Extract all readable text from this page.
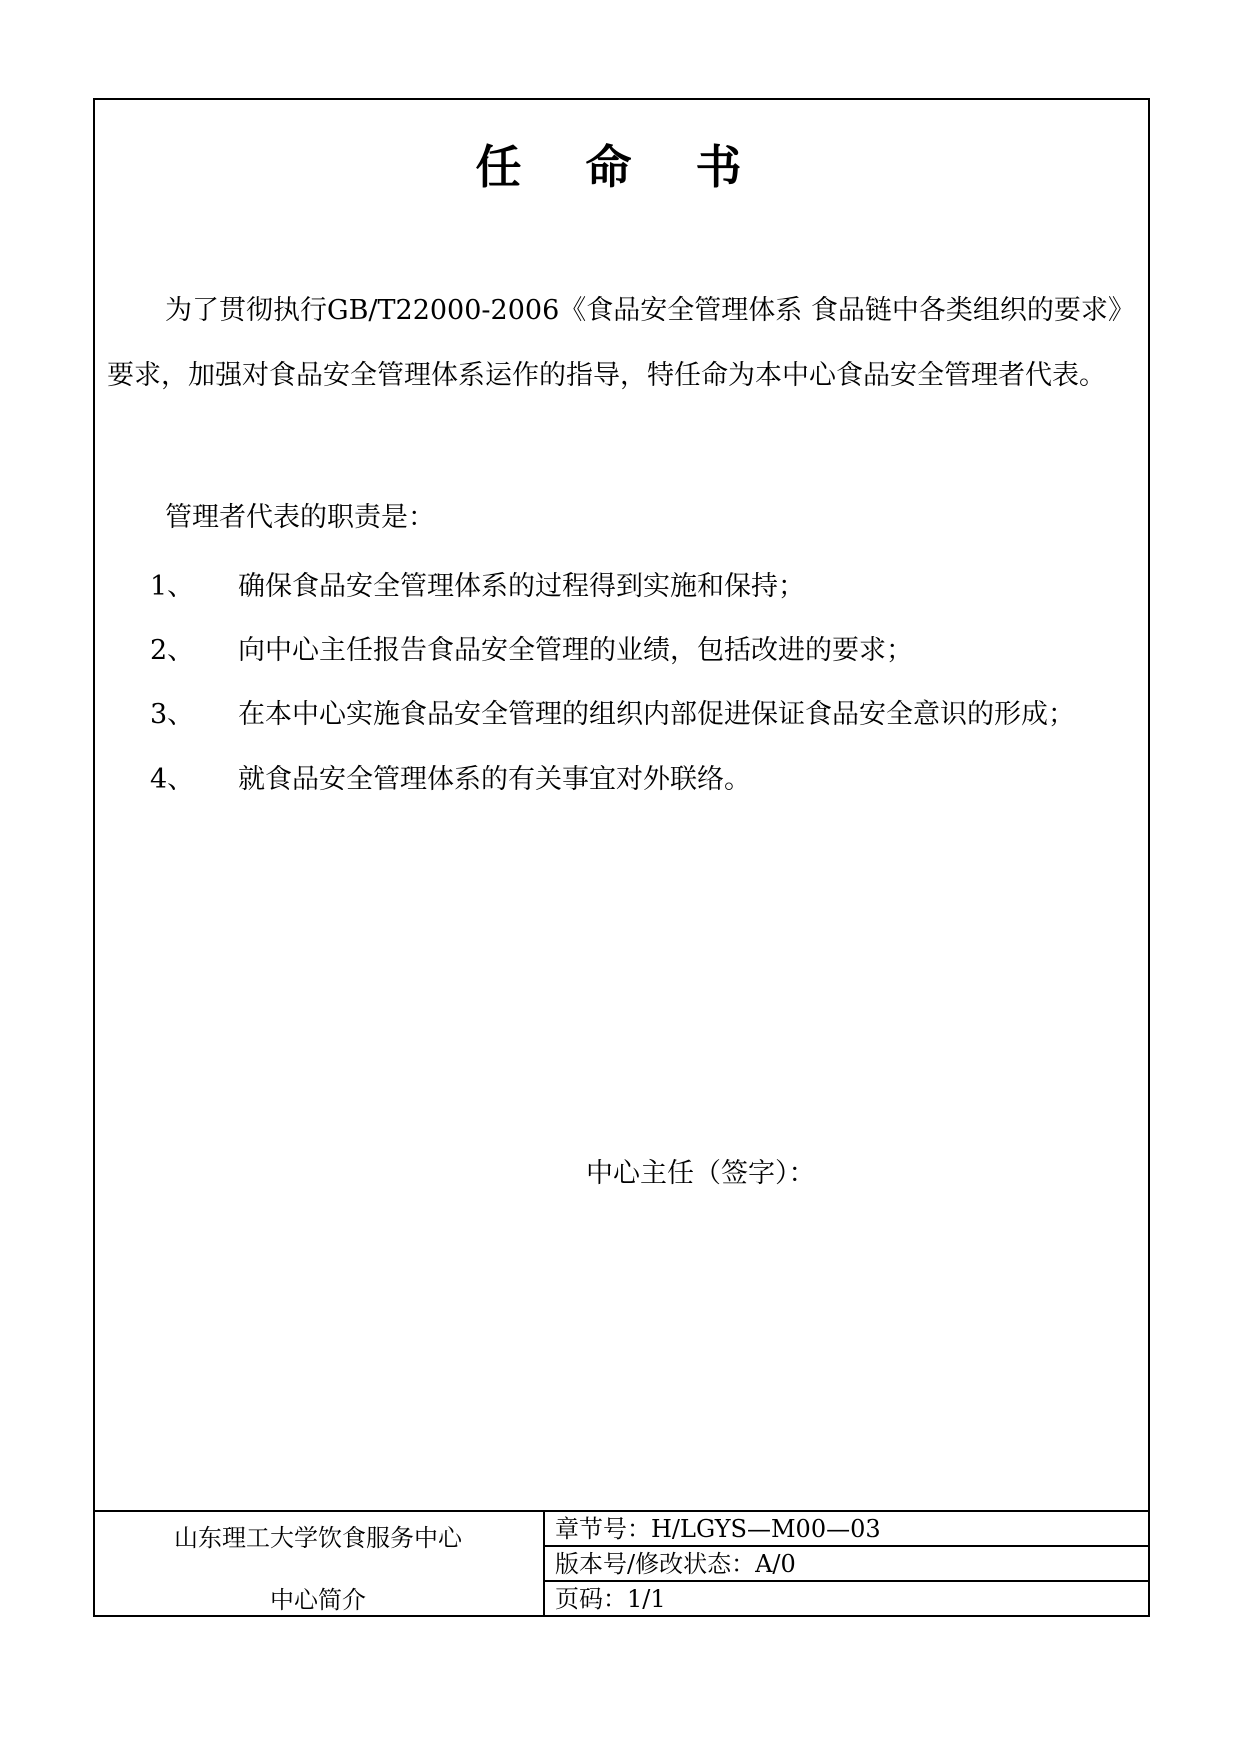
任 命 书
为了贯彻执行GB/T22000-2006《食品安全管理体系 食品链中各类组织的要求》要求，加强对食品安全管理体系运作的指导，特任命为本中心食品安全管理者代表。
管理者代表的职责是：
1、 确保食品安全管理体系的过程得到实施和保持；
2、 向中心主任报告食品安全管理的业绩，包括改进的要求；
3、 在本中心实施食品安全管理的组织内部促进保证食品安全意识的形成；
4、 就食品安全管理体系的有关事宜对外联络。
中心主任（签字）：
山东理工大学饮食服务中心
中心简介
章节号：H/LGYS—M00—03
版本号/修改状态：A/0
页码：1/1
